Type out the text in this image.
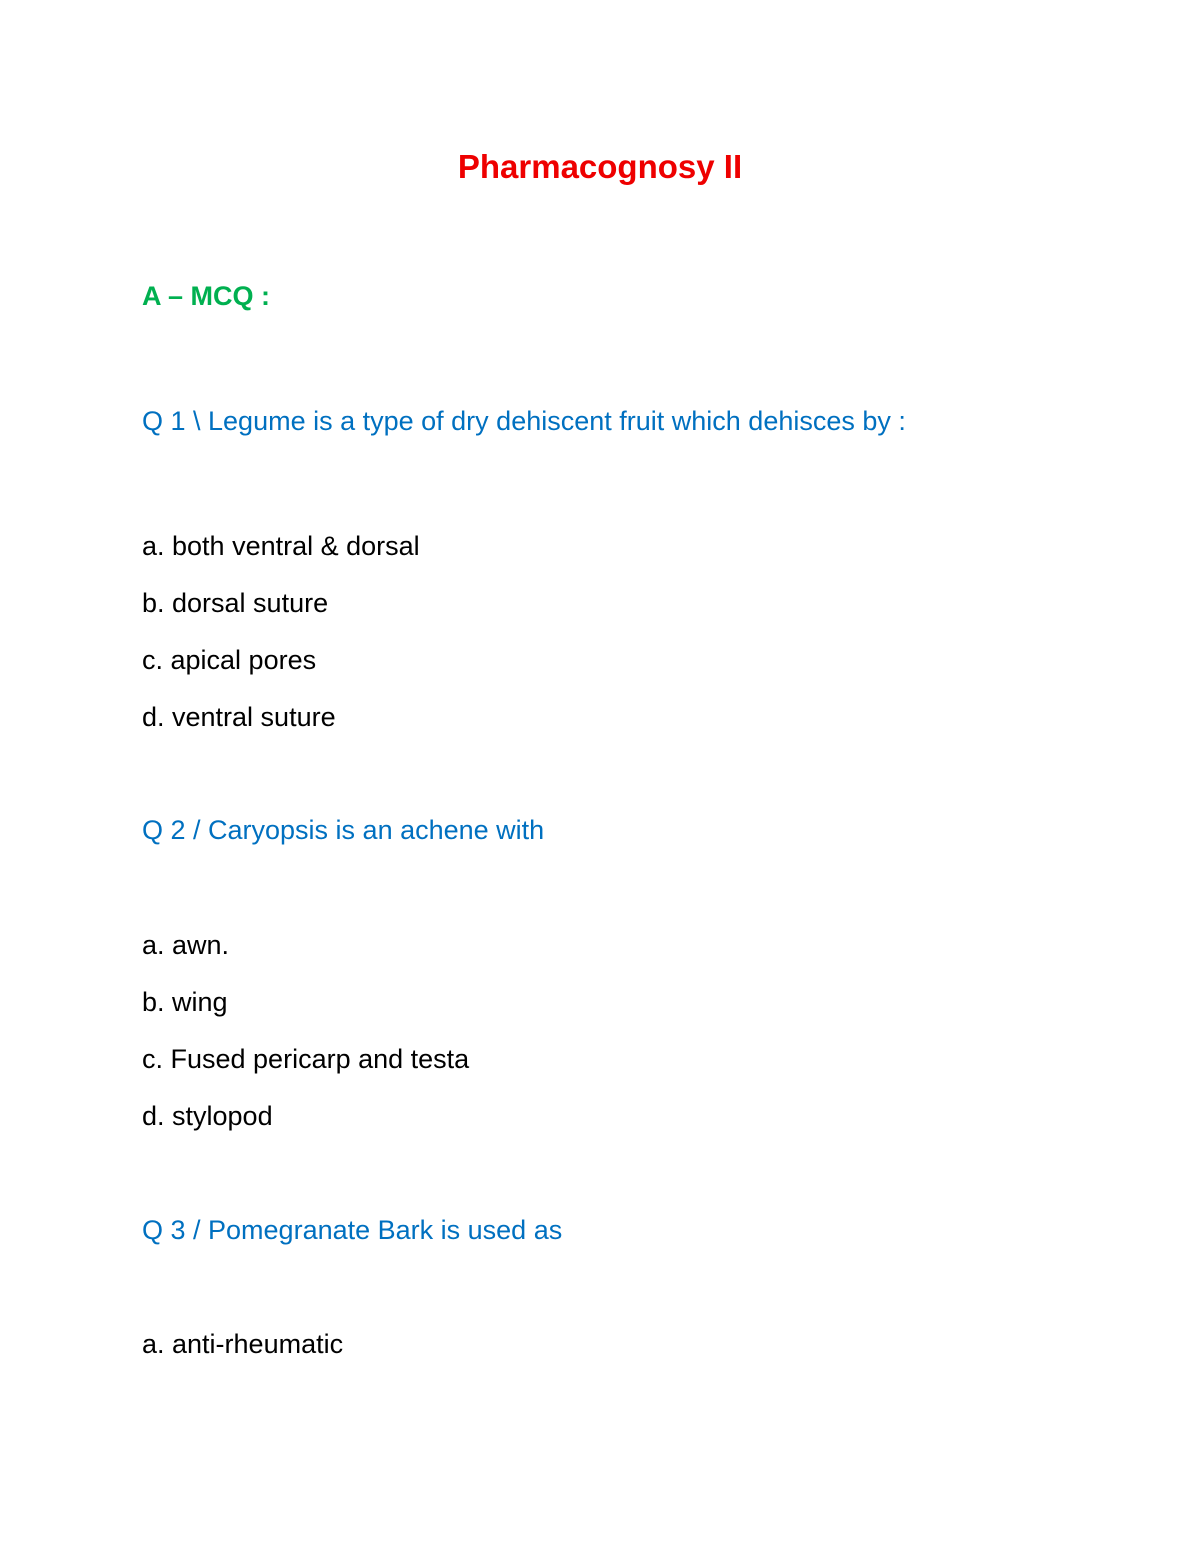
Pharmacognosy II
A – MCQ :

Q 1 \ Legume is a type of dry dehiscent fruit which dehisces by :

a. both ventral & dorsal

b. dorsal suture

c. apical pores

d. ventral suture

Q 2 / Caryopsis is an achene with

a. awn.

b. wing

c. Fused pericarp and testa

d. stylopod

Q 3 / Pomegranate Bark is used as

a. anti-rheumatic
